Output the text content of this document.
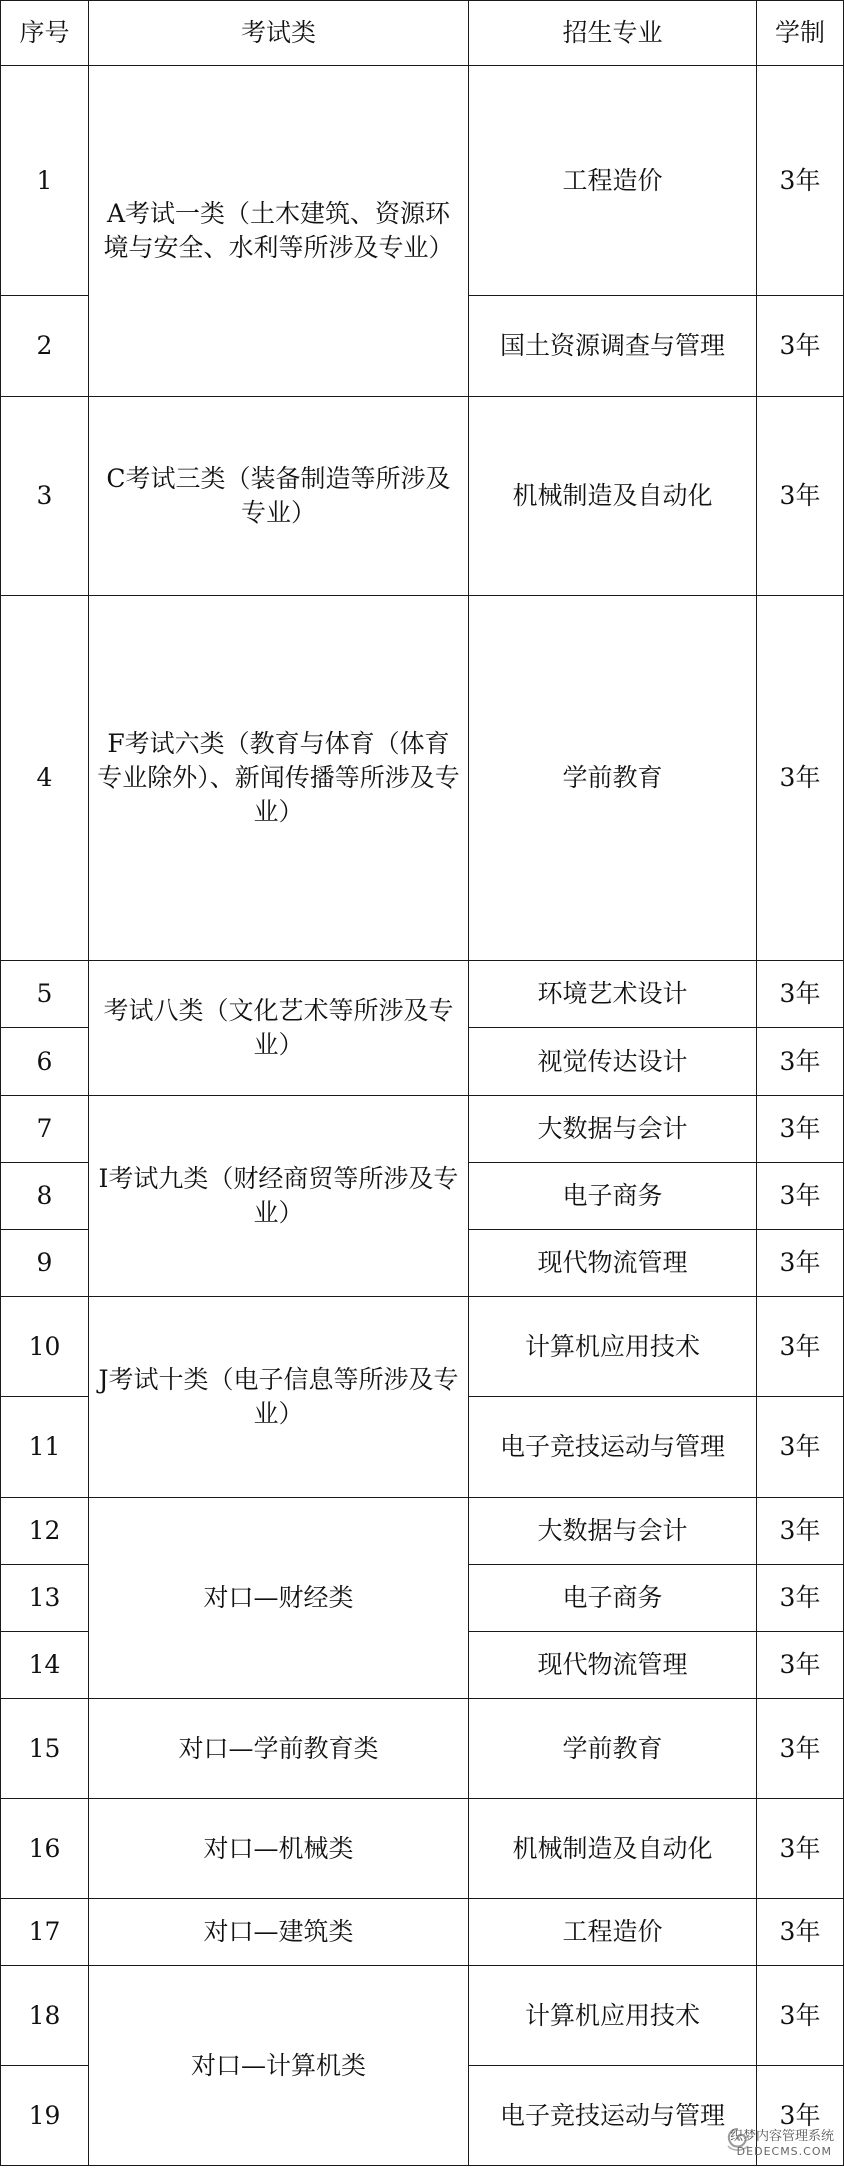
序号	考试类	招生专业	学制
1	A考试一类（土木建筑、资源环境与安全、水利等所涉及专业）	工程造价	3年
2		国土资源调查与管理	3年
3	C考试三类（装备制造等所涉及专业）	机械制造及自动化	3年
4	F考试六类（教育与体育（体育专业除外）、新闻传播等所涉及专业）	学前教育	3年
5	考试八类（文化艺术等所涉及专业）	环境艺术设计	3年
6		视觉传达设计	3年
7	I考试九类（财经商贸等所涉及专业）	大数据与会计	3年
8		电子商务	3年
9		现代物流管理	3年
10	J考试十类（电子信息等所涉及专业）	计算机应用技术	3年
11		电子竞技运动与管理	3年
12	对口—财经类	大数据与会计	3年
13		电子商务	3年
14		现代物流管理	3年
15	对口—学前教育类	学前教育	3年
16	对口—机械类	机械制造及自动化	3年
17	对口—建筑类	工程造价	3年
18	对口—计算机类	计算机应用技术	3年
19		电子竞技运动与管理	3年
织梦内容管理系统
DEDECMS.COM
